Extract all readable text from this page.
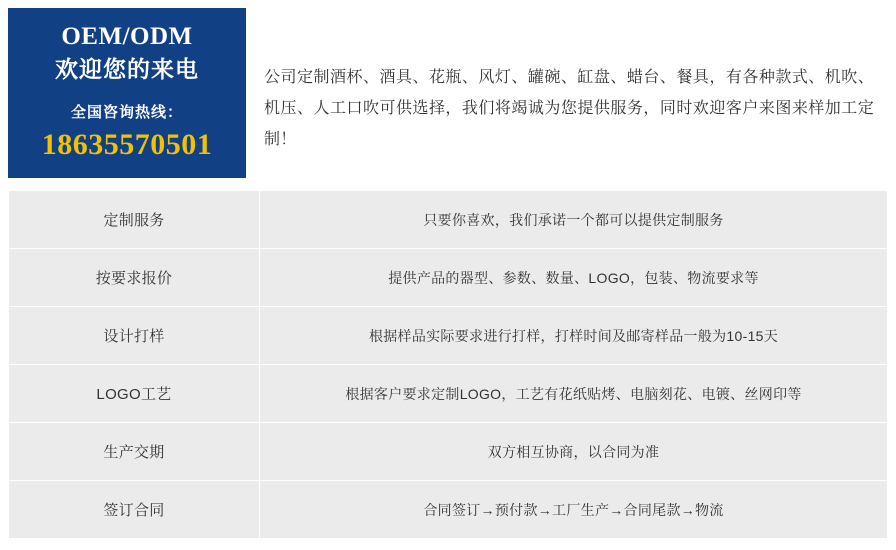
OEM/ODM
欢迎您的来电
全国咨询热线：
18635570501

公司定制酒杯、酒具、花瓶、风灯、罐碗、缸盘、蜡台、餐具，有各种款式、机吹、机压、人工口吹可供选择，我们将竭诚为您提供服务，同时欢迎客户来图来样加工定制！

定制服务	只要你喜欢，我们承诺一个都可以提供定制服务
按要求报价	提供产品的器型、参数、数量、LOGO，包装、物流要求等
设计打样	根据样品实际要求进行打样，打样时间及邮寄样品一般为10-15天
LOGO工艺	根据客户要求定制LOGO，工艺有花纸贴烤、电脑刻花、电镀、丝网印等
生产交期	双方相互协商，以合同为准
签订合同	合同签订→预付款→工厂生产→合同尾款→物流
